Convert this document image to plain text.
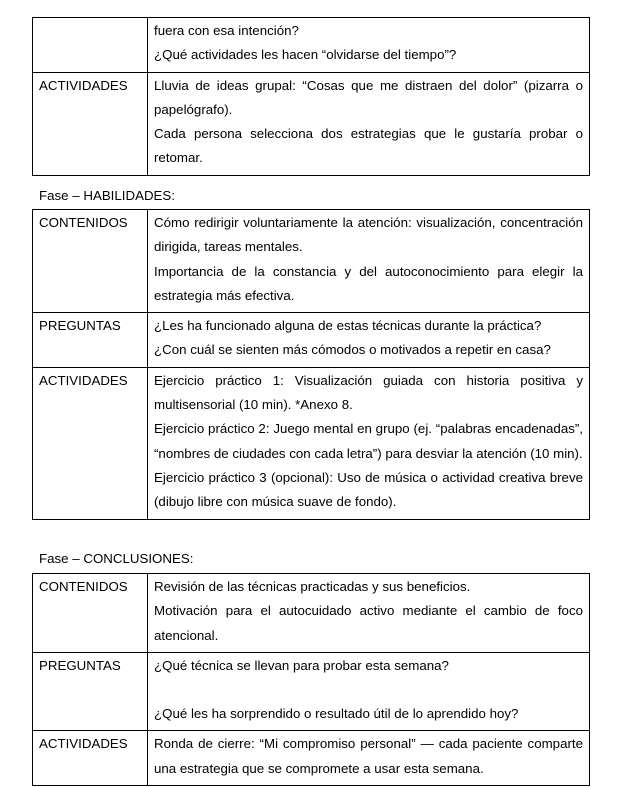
	fuera con esa intención?

¿Qué actividades les hacen “olvidarse del tiempo”?

ACTIVIDADES	Lluvia de ideas grupal: “Cosas que me distraen del dolor” (pizarra o papelógrafo).

Cada persona selecciona dos estrategias que le gustaría probar o retomar.

Fase – HABILIDADES:
CONTENIDOS	Cómo redirigir voluntariamente la atención: visualización, concentración dirigida, tareas mentales.

Importancia de la constancia y del autoconocimiento para elegir la estrategia más efectiva.

PREGUNTAS	¿Les ha funcionado alguna de estas técnicas durante la práctica?

¿Con cuál se sienten más cómodos o motivados a repetir en casa?

ACTIVIDADES	Ejercicio práctico 1: Visualización guiada con historia positiva y multisensorial (10 min). *Anexo 8.

Ejercicio práctico 2: Juego mental en grupo (ej. “palabras encadenadas”, “nombres de ciudades con cada letra”) para desviar la atención (10 min).

Ejercicio práctico 3 (opcional): Uso de música o actividad creativa breve (dibujo libre con música suave de fondo).

Fase – CONCLUSIONES:
CONTENIDOS	Revisión de las técnicas practicadas y sus beneficios.

Motivación para el autocuidado activo mediante el cambio de foco atencional.

PREGUNTAS	¿Qué técnica se llevan para probar esta semana?

¿Qué les ha sorprendido o resultado útil de lo aprendido hoy?

ACTIVIDADES	Ronda de cierre: “Mi compromiso personal” — cada paciente comparte una estrategia que se compromete a usar esta semana.
